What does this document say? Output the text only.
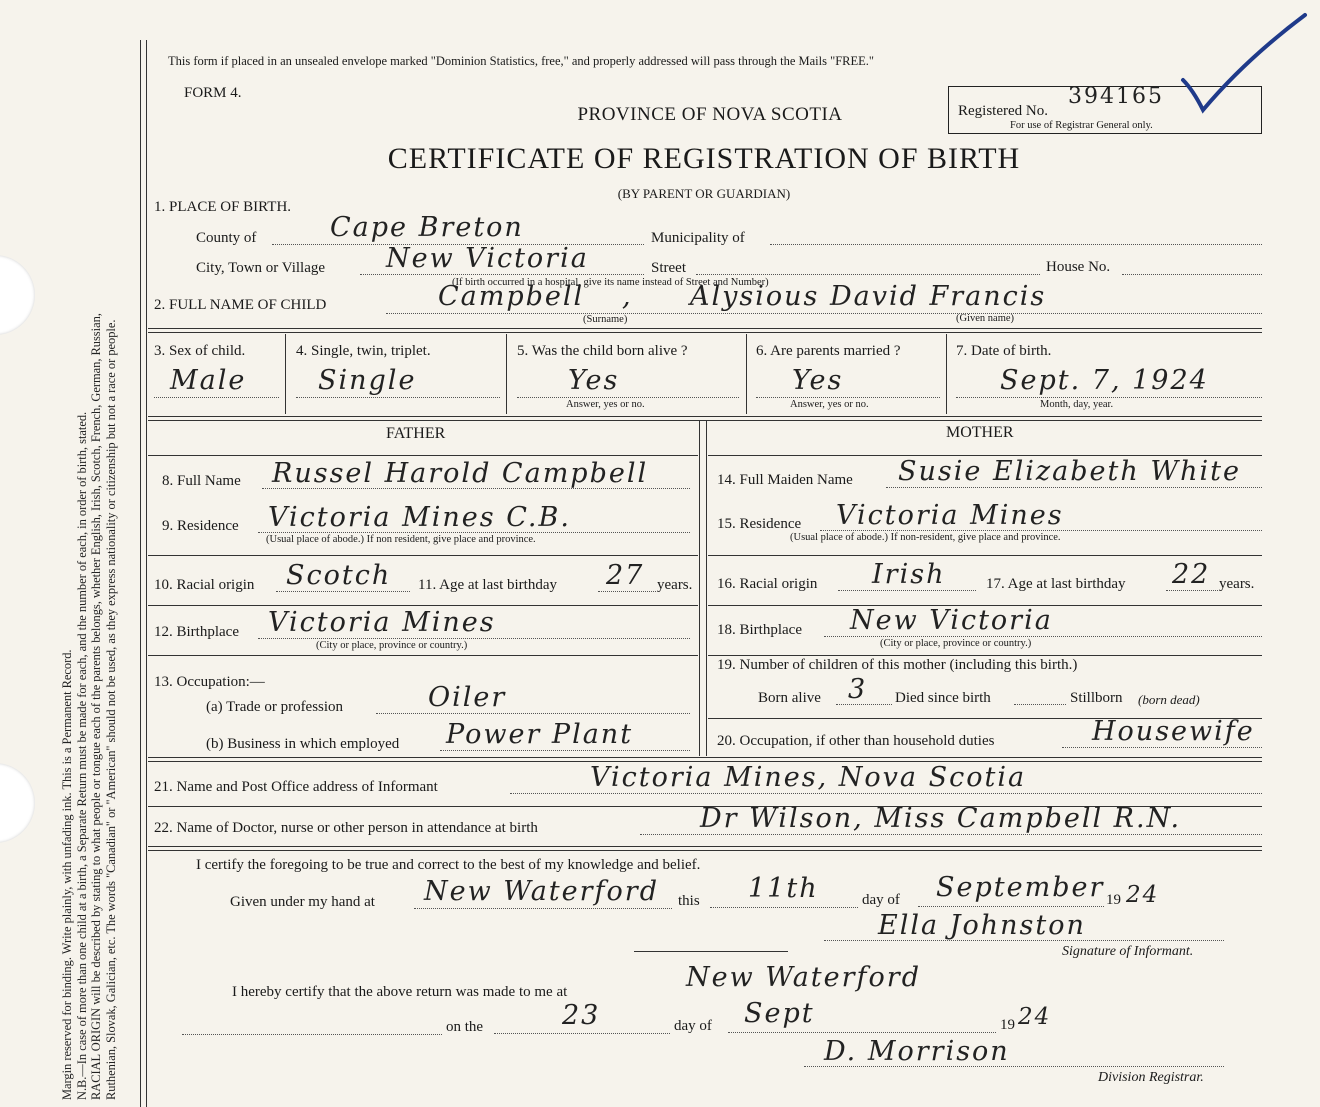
Margin reserved for binding. Write plainly, with unfading ink. This is a Permanent Record. N.B.—In case of more than one child at a birth, a Separate Return must be made for each, and the number of each, in order of birth, stated. RACIAL ORIGIN will be described by stating to what people or tongue each of the parents belongs, whether English, Irish, Scotch, French, German, Russian, Ruthenian, Slovak, Galician, etc. The words "Canadian" or "American" should not be used, as they express nationality or citizenship but not a race or people.
This form if placed in an unsealed envelope marked "Dominion Statistics, free," and properly addressed will pass through the Mails "FREE."
FORM 4.
PROVINCE OF NOVA SCOTIA
CERTIFICATE OF REGISTRATION OF BIRTH
(BY PARENT OR GUARDIAN)
Registered No.
394165
For use of Registrar General only.
1. PLACE OF BIRTH.
County of	Cape Breton	Municipality of
City, Town or Village New Victoria	Street	House No.
(If birth occurred in a hospital, give its name instead of Street and Number)
2. FULL NAME OF CHILD	Campbell , Alysious David Francis
(Surname)	(Given name)
3. Sex of child.
Male
4. Single, twin, triplet.
Single
5. Was the child born alive ?
Yes
Answer, yes or no.
6. Are parents married ?
Yes
Answer, yes or no.
7. Date of birth.
Sept. 7, 1924
Month, day, year.
FATHER	MOTHER
8. Full Name Russel Harold Campbell	14. Full Maiden Name Susie Elizabeth White
9. Residence Victoria Mines C.B.
(Usual place of abode.) If non resident, give place and province.
15. Residence Victoria Mines
(Usual place of abode.) If non-resident, give place and province.
10. Racial origin Scotch 11. Age at last birthday 27 years. 16. Racial origin Irish	17. Age at last birthday 22 years.
12. Birthplace Victoria Mines
(City or place, province or country.)
18. Birthplace New Victoria
(City or place, province or country.)
13. Occupation:—
(a) Trade or profession	Oiler
(b) Business in which employed Power Plant
19. Number of children of this mother (including this birth.)
Born alive 3 Died since birth	Stillborn (born dead)
20. Occupation, if other than household duties	Housewife
21. Name and Post Office address of Informant	Victoria Mines, Nova Scotia
22. Name of Doctor, nurse or other person in attendance at birth	Dr Wilson, Miss Campbell R.N.
I certify the foregoing to be true and correct to the best of my knowledge and belief.
Given under my hand at New Waterford this 11th	day of September 19 24
Ella Johnston
Signature of Informant.
I hereby certify that the above return was made to me at	New Waterford
on the	23	day of Sept	19 24
D. Morrison
Division Registrar.
